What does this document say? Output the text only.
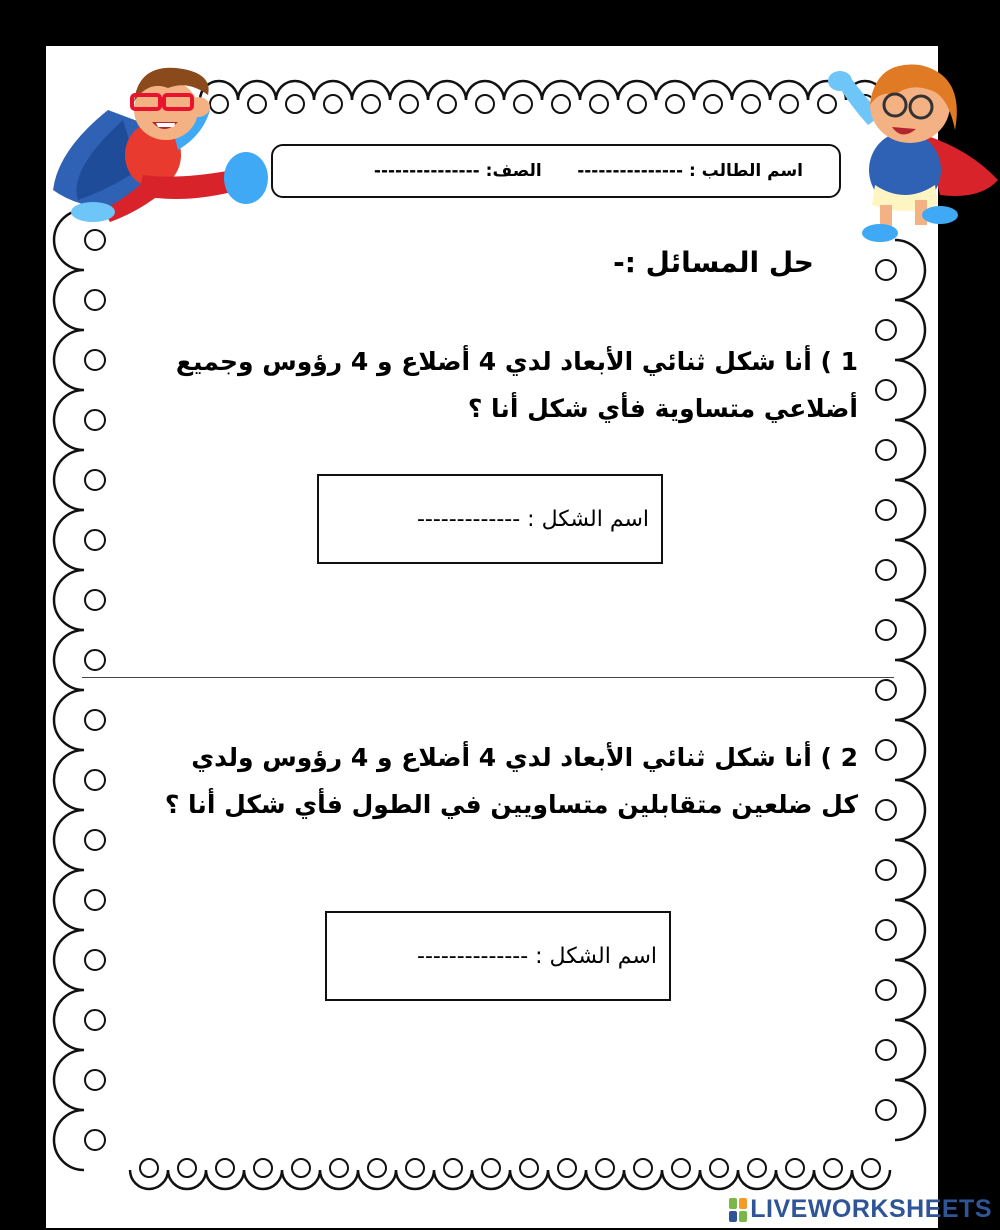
اسم الطالب :
---------------

الصف:
---------------
حل المسائل :-
1 ) أنا شكل ثنائي الأبعاد لدي 4 أضلاع و 4 رؤوس وجميع أضلاعي متساوية فأي شكل أنا ؟
اسم الشكل : -------------
2 ) أنا شكل ثنائي الأبعاد لدي 4 أضلاع و 4 رؤوس ولدي كل ضلعين متقابلين متساويين في الطول فأي شكل أنا ؟
اسم الشكل : --------------
LIVEWORKSHEETS
